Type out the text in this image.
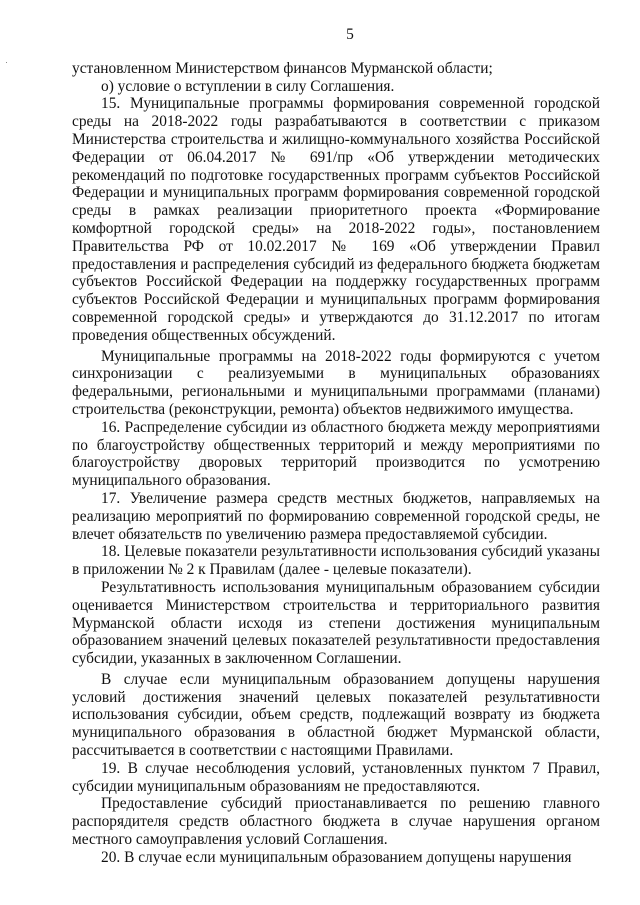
5

установленном Министерством финансов Мурманской области;

о) условие о вступлении в силу Соглашения.

15. Муниципальные программы формирования современной городской среды на 2018-2022 годы разрабатываются в соответствии с приказом Министерства строительства и жилищно-коммунального хозяйства Российской Федерации от 06.04.2017 № 691/пр «Об утверждении методических рекомендаций по подготовке государственных программ субъектов Российской Федерации и муниципальных программ формирования современной городской среды в рамках реализации приоритетного проекта «Формирование комфортной городской среды» на 2018-2022 годы», постановлением Правительства РФ от 10.02.2017 № 169 «Об утверждении Правил предоставления и распределения субсидий из федерального бюджета бюджетам субъектов Российской Федерации на поддержку государственных программ субъектов Российской Федерации и муниципальных программ формирования современной городской среды» и утверждаются до 31.12.2017 по итогам проведения общественных обсуждений.

Муниципальные программы на 2018-2022 годы формируются с учетом синхронизации с реализуемыми в муниципальных образованиях федеральными, региональными и муниципальными программами (планами) строительства (реконструкции, ремонта) объектов недвижимого имущества.

16. Распределение субсидии из областного бюджета между мероприятиями по благоустройству общественных территорий и между мероприятиями по благоустройству дворовых территорий производится по усмотрению муниципального образования.

17. Увеличение размера средств местных бюджетов, направляемых на реализацию мероприятий по формированию современной городской среды, не влечет обязательств по увеличению размера предоставляемой субсидии.

18. Целевые показатели результативности использования субсидий указаны в приложении № 2 к Правилам (далее - целевые показатели).

Результативность использования муниципальным образованием субсидии оценивается Министерством строительства и территориального развития Мурманской области исходя из степени достижения муниципальным образованием значений целевых показателей результативности предоставления субсидии, указанных в заключенном Соглашении.

В случае если муниципальным образованием допущены нарушения условий достижения значений целевых показателей результативности использования субсидии, объем средств, подлежащий возврату из бюджета муниципального образования в областной бюджет Мурманской области, рассчитывается в соответствии с настоящими Правилами.

19. В случае несоблюдения условий, установленных пунктом 7 Правил, субсидии муниципальным образованиям не предоставляются.

Предоставление субсидий приостанавливается по решению главного распорядителя средств областного бюджета в случае нарушения органом местного самоуправления условий Соглашения.

20. В случае если муниципальным образованием допущены нарушения
